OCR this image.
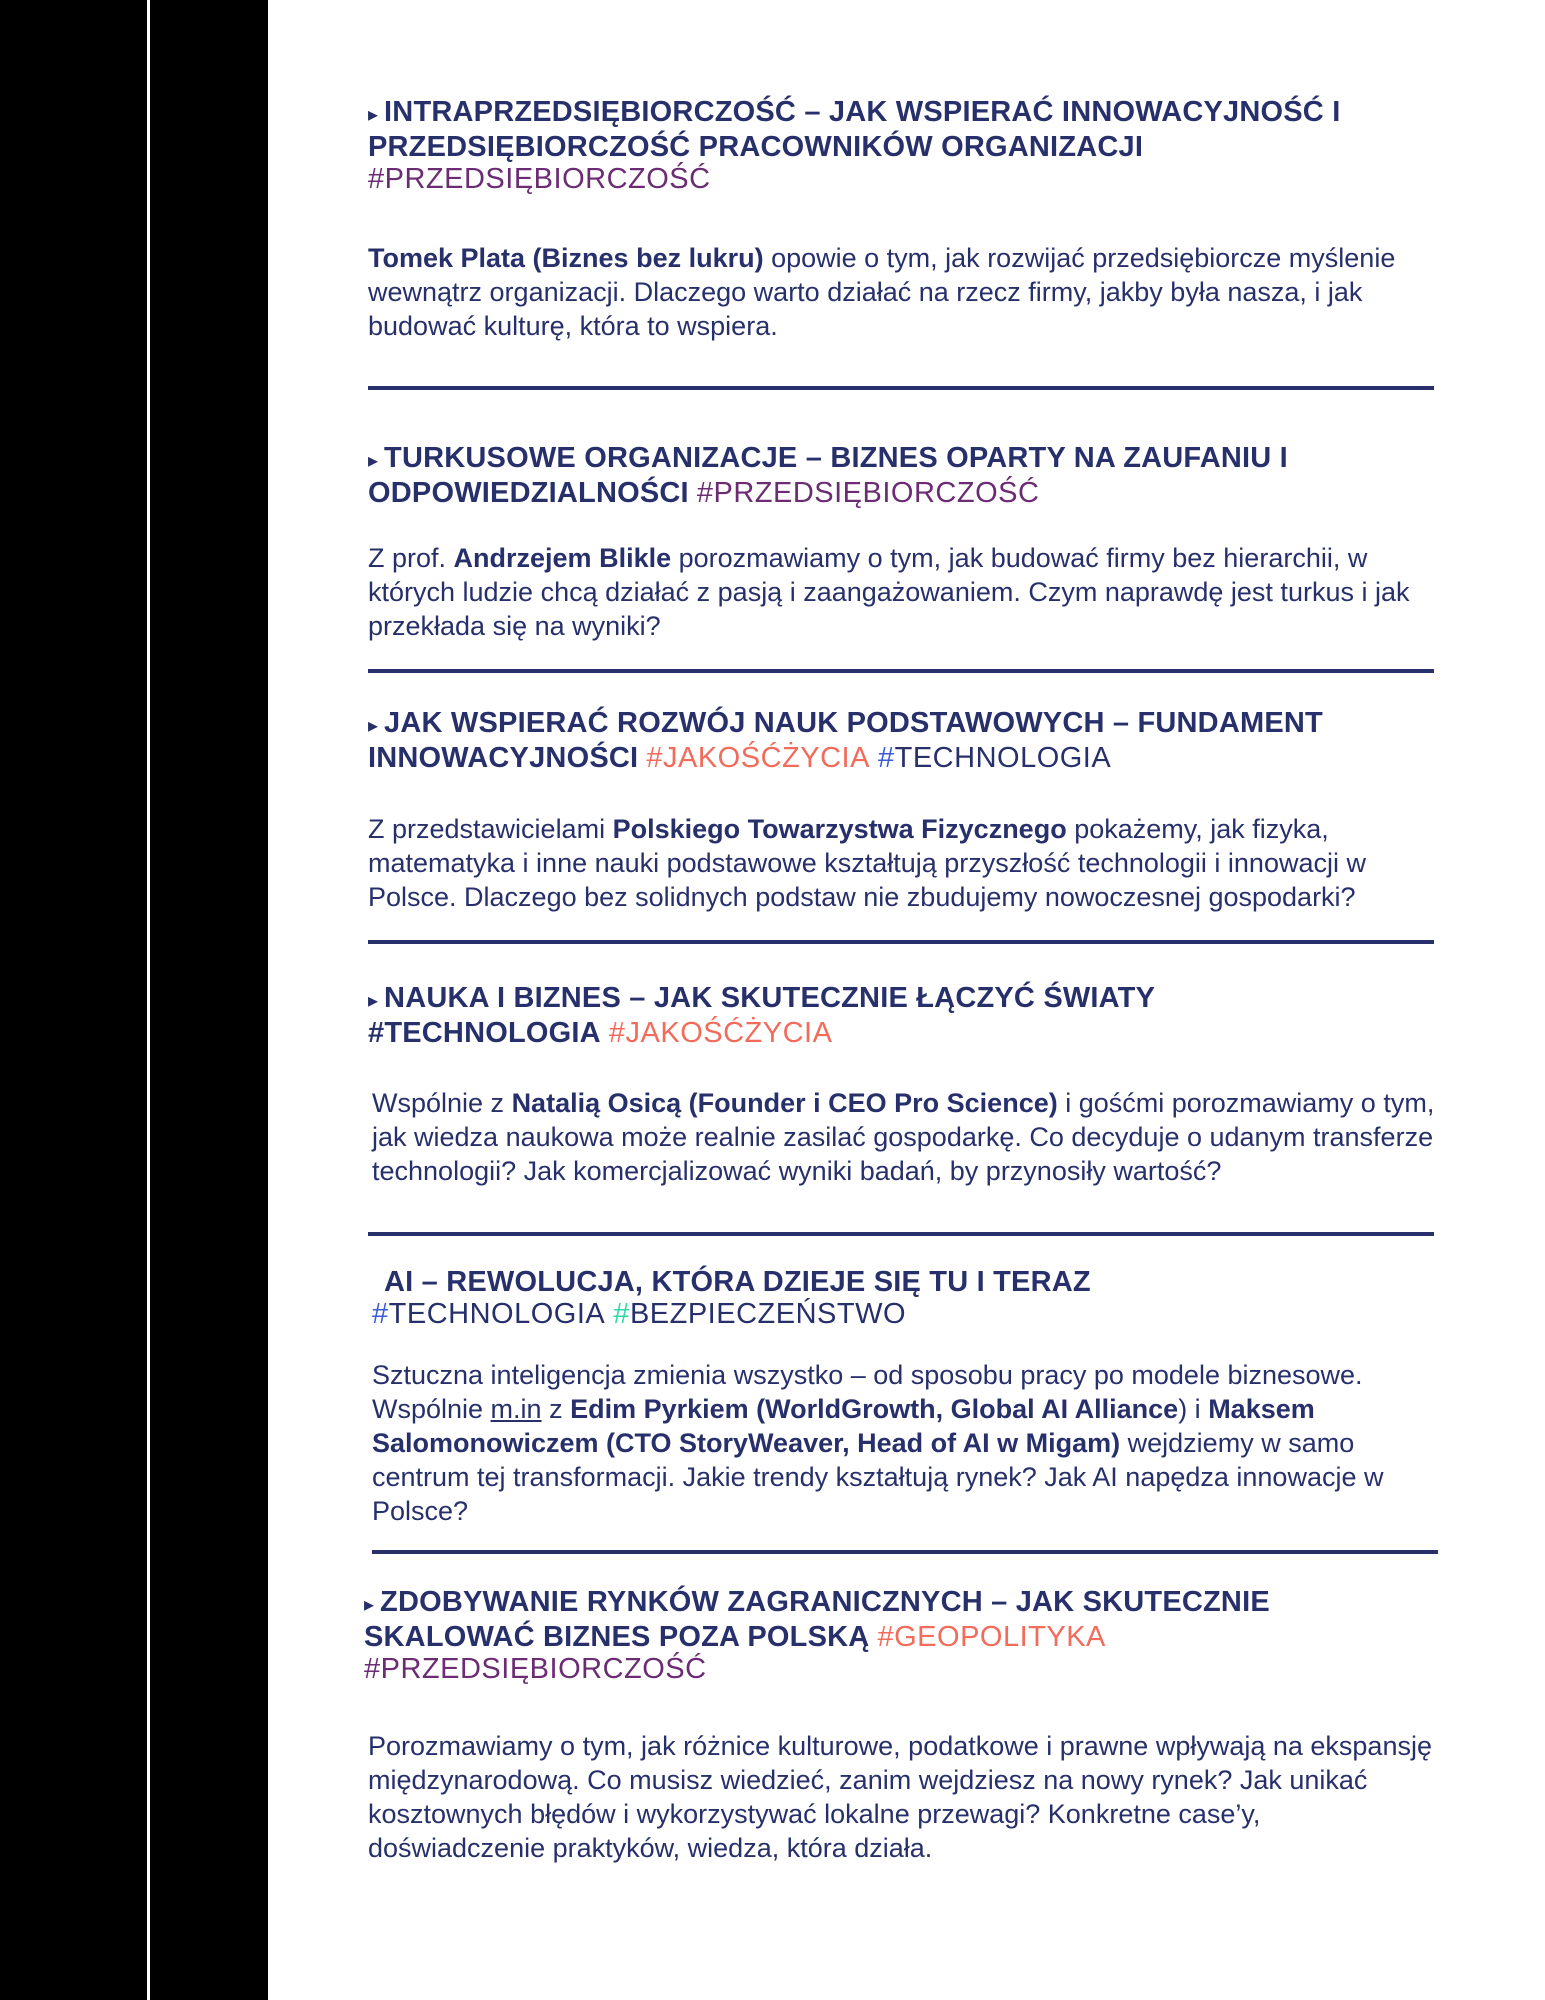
▸ INTRAPRZEDSIĘBIORCZOŚĆ – JAK WSPIERAĆ INNOWACYJNOŚĆ I PRZEDSIĘBIORCZOŚĆ PRACOWNIKÓW ORGANIZACJI
#PRZEDSIĘBIORCZOŚĆ

Tomek Plata (Biznes bez lukru) opowie o tym, jak rozwijać przedsiębiorcze myślenie wewnątrz organizacji. Dlaczego warto działać na rzecz firmy, jakby była nasza, i jak budować kulturę, która to wspiera.

▸ TURKUSOWE ORGANIZACJE – BIZNES OPARTY NA ZAUFANIU I ODPOWIEDZIALNOŚCI #PRZEDSIĘBIORCZOŚĆ

Z prof. Andrzejem Blikle porozmawiamy o tym, jak budować firmy bez hierarchii, w których ludzie chcą działać z pasją i zaangażowaniem. Czym naprawdę jest turkus i jak przekłada się na wyniki?

▸ JAK WSPIERAĆ ROZWÓJ NAUK PODSTAWOWYCH – FUNDAMENT INNOWACYJNOŚCI #JAKOŚĆŻYCIA #TECHNOLOGIA

Z przedstawicielami Polskiego Towarzystwa Fizycznego pokażemy, jak fizyka, matematyka i inne nauki podstawowe kształtują przyszłość technologii i innowacji w Polsce. Dlaczego bez solidnych podstaw nie zbudujemy nowoczesnej gospodarki?

▸ NAUKA I BIZNES – JAK SKUTECZNIE ŁĄCZYĆ ŚWIATY
#TECHNOLOGIA #JAKOŚĆŻYCIA

Wspólnie z Natalią Osicą (Founder i CEO Pro Science) i gośćmi porozmawiamy o tym, jak wiedza naukowa może realnie zasilać gospodarkę. Co decyduje o udanym transferze technologii? Jak komercjalizować wyniki badań, by przynosiły wartość?

AI – REWOLUCJA, KTÓRA DZIEJE SIĘ TU I TERAZ
#TECHNOLOGIA #BEZPIECZEŃSTWO

Sztuczna inteligencja zmienia wszystko – od sposobu pracy po modele biznesowe. Wspólnie m.in z Edim Pyrkiem (WorldGrowth, Global AI Alliance) i Maksem Salomonowiczem (CTO StoryWeaver, Head of AI w Migam) wejdziemy w samo centrum tej transformacji. Jakie trendy kształtują rynek? Jak AI napędza innowacje w Polsce?

▸ ZDOBYWANIE RYNKÓW ZAGRANICZNYCH – JAK SKUTECZNIE SKALOWAĆ BIZNES POZA POLSKĄ #GEOPOLITYKA
#PRZEDSIĘBIORCZOŚĆ

Porozmawiamy o tym, jak różnice kulturowe, podatkowe i prawne wpływają na ekspansję międzynarodową. Co musisz wiedzieć, zanim wejdziesz na nowy rynek? Jak unikać kosztownych błędów i wykorzystywać lokalne przewagi? Konkretne case’y, doświadczenie praktyków, wiedza, która działa.
